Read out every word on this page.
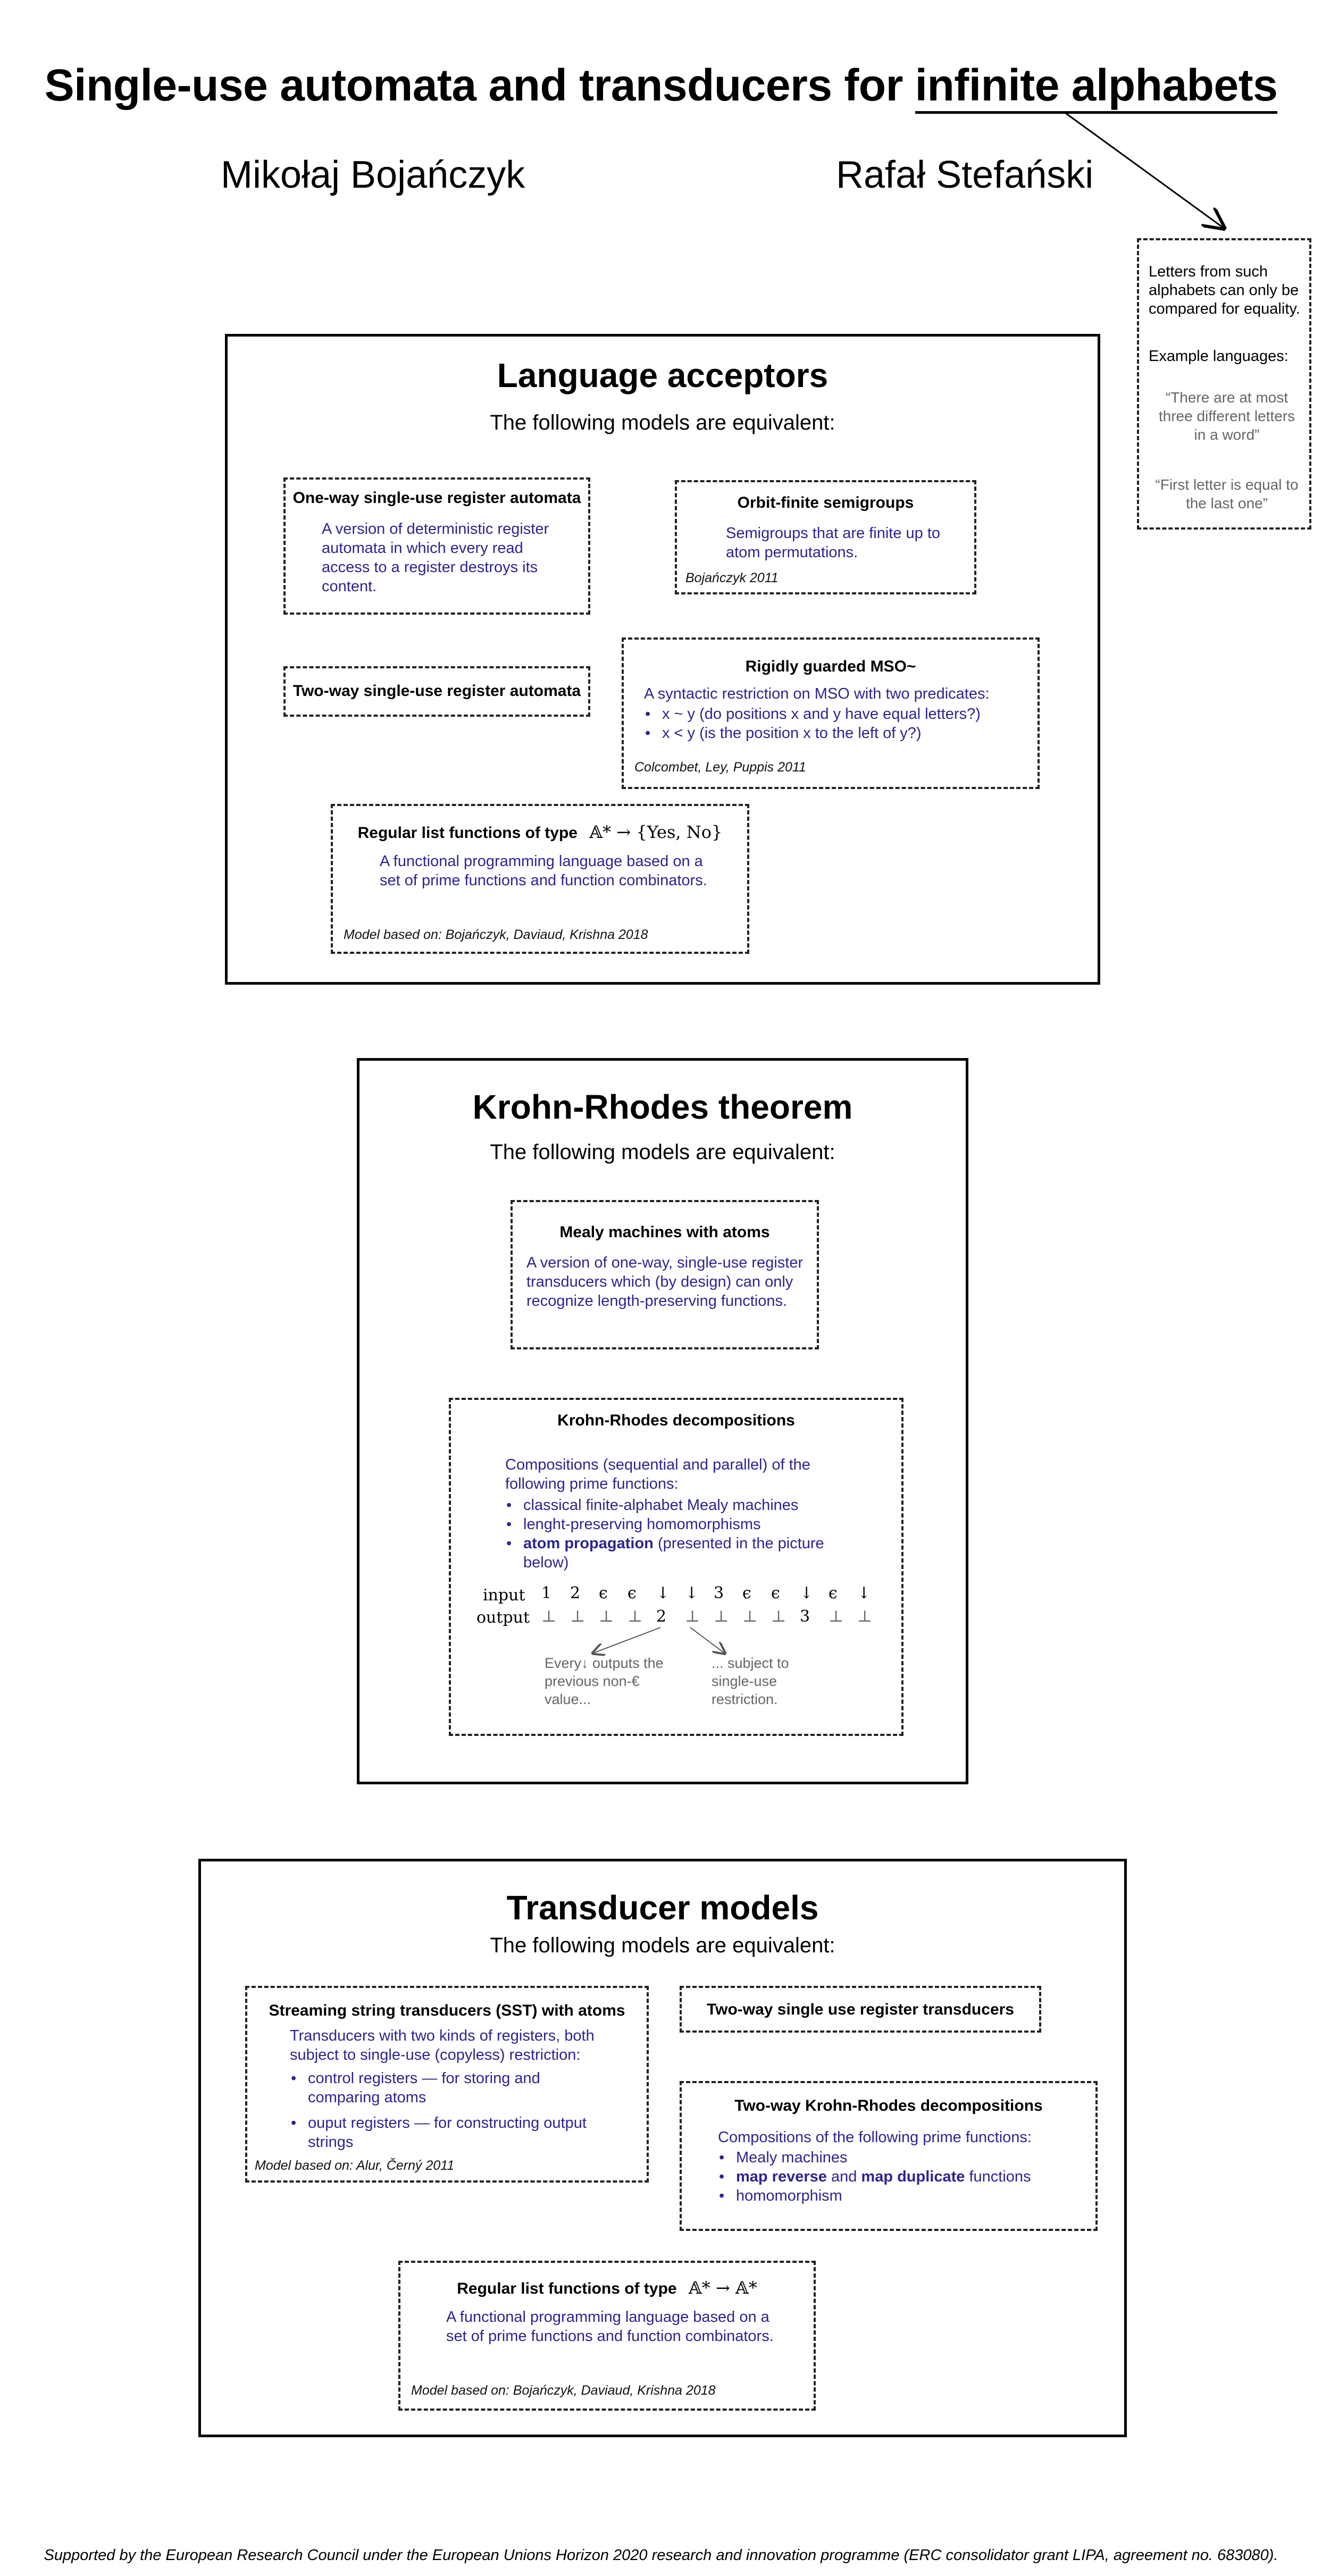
Single-use automata and transducers for infinite alphabets
Mikołaj Bojańczyk	Rafał Stefański
Letters from such alphabets can only be compared for equality.
Example languages:
“There are at most three different letters in a word”
“First letter is equal to the last one”
Language acceptors
The following models are equivalent:
One-way single-use register automata
A version of deterministic register automata in which every read access to a register destroys its content.
Orbit-finite semigroups
Semigroups that are finite up to atom permutations.
Bojańczyk 2011
Two-way single-use register automata
Rigidly guarded MSO~
A syntactic restriction on MSO with two predicates:
• x ~ y (do positions x and y have equal letters?)
• x < y (is the position x to the left of y?)
Colcombet, Ley, Puppis 2011
Regular list functions of type 𝔸* → {Yes, No}
A functional programming language based on a set of prime functions and function combinators.
Model based on: Bojańczyk, Daviaud, Krishna 2018
Krohn-Rhodes theorem
The following models are equivalent:
Mealy machines with atoms
A version of one-way, single-use register transducers which (by design) can only recognize length-preserving functions.
Krohn-Rhodes decompositions
Compositions (sequential and parallel) of the following prime functions:
• classical finite-alphabet Mealy machines
• lenght-preserving homomorphisms
• atom propagation (presented in the picture below)
input
output
1 2 ϵ ϵ ↓ ↓ 3 ϵ ϵ ↓ ϵ ↓
⊥ ⊥ ⊥ ⊥ 2 ⊥ ⊥ ⊥ ⊥ 3 ⊥ ⊥
Every↓ outputs the previous non-€ value...
... subject to single-use restriction.
Transducer models
The following models are equivalent:
Streaming string transducers (SST) with atoms
Transducers with two kinds of registers, both subject to single-use (copyless) restriction:
• control registers — for storing and comparing atoms
• ouput registers — for constructing output strings
Model based on: Alur, Černý 2011
Two-way single use register transducers
Two-way Krohn-Rhodes decompositions
Compositions of the following prime functions:
• Mealy machines
• map reverse and map duplicate functions
• homomorphism
Regular list functions of type 𝔸* → 𝔸*
A functional programming language based on a set of prime functions and function combinators.
Model based on: Bojańczyk, Daviaud, Krishna 2018
Supported by the European Research Council under the European Unions Horizon 2020 research and innovation programme (ERC consolidator grant LIPA, agreement no. 683080).
